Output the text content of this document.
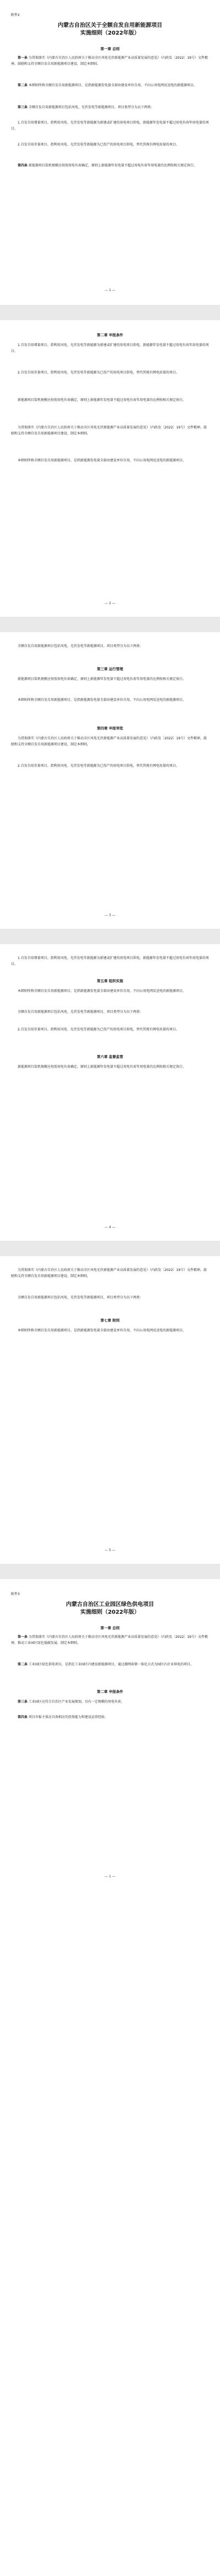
附件2
内蒙古自治区关于全额自发自用新能源项目
实施细则（2022年版）
第一章 总则
第一条 为贯彻落实《内蒙古自治区人民政府关于推动全区风电光伏新能源产业高质量发展的意见》（内政发〔2022〕19号）文件精神，鼓励和支持全额自发自用新能源项目建设，制定本细则。
第二条 本细则所称全额自发自用新能源项目，是指新能源发电量全部由建设单位自用，不向公用电网反送电的新能源项目。
第三条 全额自发自用新能源项目包括风电、光伏发电等新能源项目，项目类型分为以下两类：
1.自发自用增量项目。指利用风电、光伏发电等新能源为新建或扩建的用电项目供电，新能源年发电量不超过用电负荷年用电量的项目。
2.自发自用存量项目。指利用风电、光伏发电等新能源为已投产的用电项目供电，替代其现有网电用量的项目。
第四条 新能源项目装机规模应按照用电负荷确定，原则上新能源年发电量不超过用电负荷年用电量的比例按相关规定执行。
— 1 —
第二章 申报条件
1.自发自用增量项目。指利用风电、光伏发电等新能源为新建或扩建的用电项目供电，新能源年发电量不超过用电负荷年用电量的项目。
2.自发自用存量项目。指利用风电、光伏发电等新能源为已投产的用电项目供电，替代其现有网电用量的项目。
新能源项目装机规模应按照用电负荷确定，原则上新能源年发电量不超过用电负荷年用电量的比例按相关规定执行。
为贯彻落实《内蒙古自治区人民政府关于推动全区风电光伏新能源产业高质量发展的意见》（内政发〔2022〕19号）文件精神，鼓励和支持全额自发自用新能源项目建设，制定本细则。
本细则所称全额自发自用新能源项目，是指新能源发电量全部由建设单位自用，不向公用电网反送电的新能源项目。
— 2 —
全额自发自用新能源项目包括风电、光伏发电等新能源项目，项目类型分为以下两类：
第三章 运行管理
新能源项目装机规模应按照用电负荷确定，原则上新能源年发电量不超过用电负荷年用电量的比例按相关规定执行。
本细则所称全额自发自用新能源项目，是指新能源发电量全部由建设单位自用，不向公用电网反送电的新能源项目。
第四章 申报审批
为贯彻落实《内蒙古自治区人民政府关于推动全区风电光伏新能源产业高质量发展的意见》（内政发〔2022〕19号）文件精神，鼓励和支持全额自发自用新能源项目建设，制定本细则。
2.自发自用存量项目。指利用风电、光伏发电等新能源为已投产的用电项目供电，替代其现有网电用量的项目。
— 3 —
1.自发自用增量项目。指利用风电、光伏发电等新能源为新建或扩建的用电项目供电，新能源年发电量不超过用电负荷年用电量的项目。
第五章 组织实施
本细则所称全额自发自用新能源项目，是指新能源发电量全部由建设单位自用，不向公用电网反送电的新能源项目。
全额自发自用新能源项目包括风电、光伏发电等新能源项目，项目类型分为以下两类：
2.自发自用存量项目。指利用风电、光伏发电等新能源为已投产的用电项目供电，替代其现有网电用量的项目。
第六章 监督监管
新能源项目装机规模应按照用电负荷确定，原则上新能源年发电量不超过用电负荷年用电量的比例按相关规定执行。
— 4 —
为贯彻落实《内蒙古自治区人民政府关于推动全区风电光伏新能源产业高质量发展的意见》（内政发〔2022〕19号）文件精神，鼓励和支持全额自发自用新能源项目建设，制定本细则。
全额自发自用新能源项目包括风电、光伏发电等新能源项目，项目类型分为以下两类：
第七章 附则
本细则所称全额自发自用新能源项目，是指新能源发电量全部由建设单位自用，不向公用电网反送电的新能源项目。
— 5 —
附件3
内蒙古自治区工业园区绿色供电项目
实施细则（2022年版）
第一章 总则
第一条 为贯彻落实《内蒙古自治区人民政府关于推动全区风电光伏新能源产业高质量发展的意见》（内政发〔2022〕19号）文件精神，推动工业园区绿色低碳发展，制定本细则。
第二条 工业园区绿色供电项目，是指在工业园区内建设新能源项目，通过源网荷储一体化方式为园区内企业供电的项目。
第二章 申报条件
第三条 工业园区应符合自治区产业发展规划，具有一定规模的用电负荷。
第四条 项目申报主体应具备相应的投资能力和建设运营经验。
— 1 —
